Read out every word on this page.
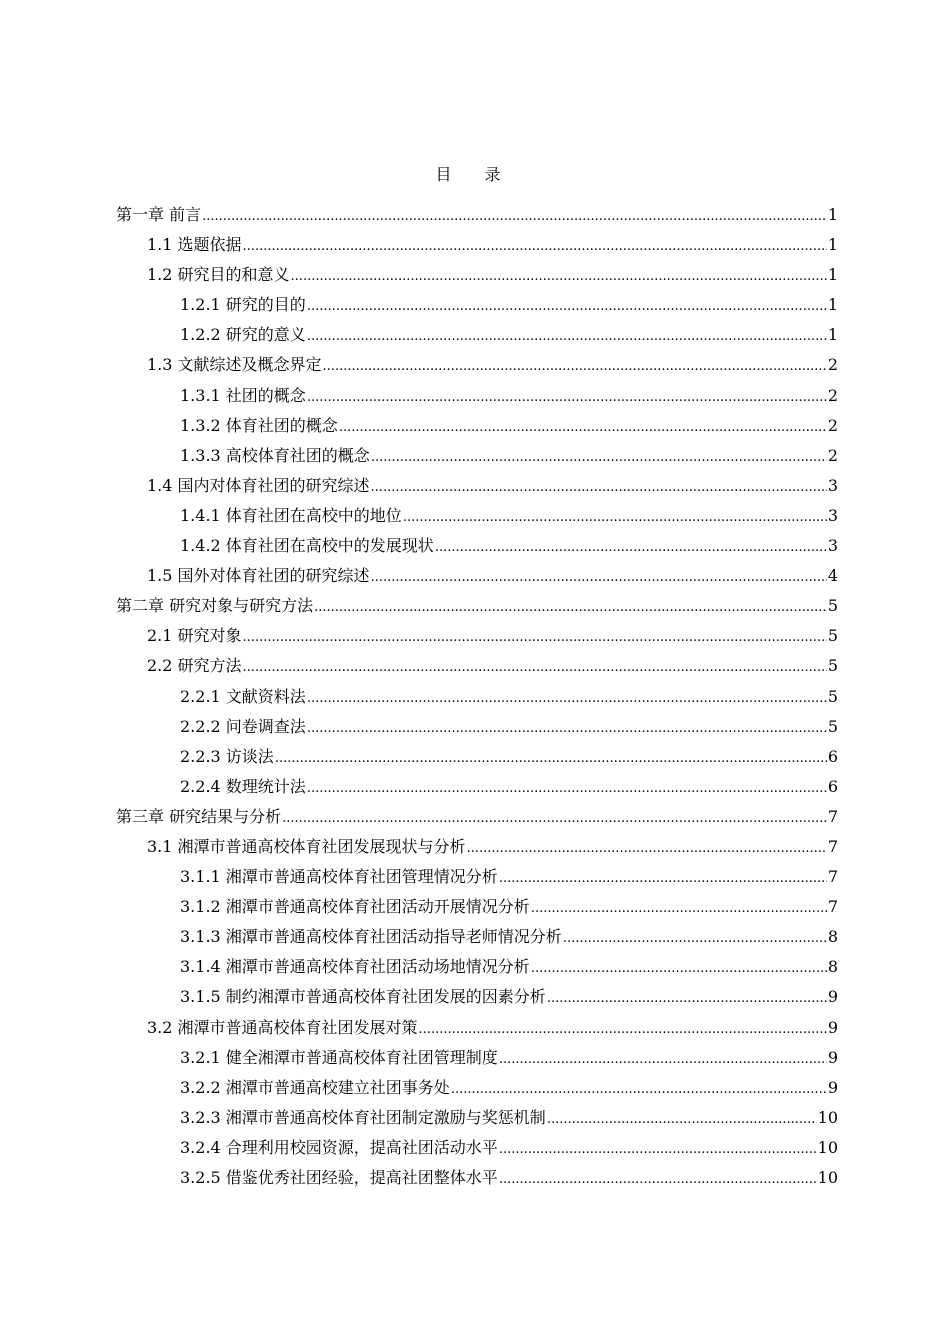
目 录
第一章 前言 .....	1
1.1 选题依据 .....	1
1.2 研究目的和意义 .....	1
1.2.1 研究的目的 .....	1
1.2.2 研究的意义 .....	1
1.3 文献综述及概念界定 .....	2
1.3.1 社团的概念 .....	2
1.3.2 体育社团的概念 .....	2
1.3.3 高校体育社团的概念 .....	2
1.4 国内对体育社团的研究综述 .....	3
1.4.1 体育社团在高校中的地位 .....	3
1.4.2 体育社团在高校中的发展现状 .....	3
1.5 国外对体育社团的研究综述 .....	4
第二章 研究对象与研究方法 .....	5
2.1 研究对象 .....	5
2.2 研究方法 .....	5
2.2.1 文献资料法 .....	5
2.2.2 问卷调查法 .....	5
2.2.3 访谈法 .....	6
2.2.4 数理统计法 .....	6
第三章 研究结果与分析 .....	7
3.1 湘潭市普通高校体育社团发展现状与分析 .....	7
3.1.1 湘潭市普通高校体育社团管理情况分析 .....	7
3.1.2 湘潭市普通高校体育社团活动开展情况分析 .....	7
3.1.3 湘潭市普通高校体育社团活动指导老师情况分析 .....	8
3.1.4 湘潭市普通高校体育社团活动场地情况分析 .....	8
3.1.5 制约湘潭市普通高校体育社团发展的因素分析 .....	9
3.2 湘潭市普通高校体育社团发展对策 .....	9
3.2.1 健全湘潭市普通高校体育社团管理制度 .....	9
3.2.2 湘潭市普通高校建立社团事务处 .....	9
3.2.3 湘潭市普通高校体育社团制定激励与奖惩机制 .....	10
3.2.4 合理利用校园资源，提高社团活动水平 .....	10
3.2.5 借鉴优秀社团经验，提高社团整体水平 .....	10
